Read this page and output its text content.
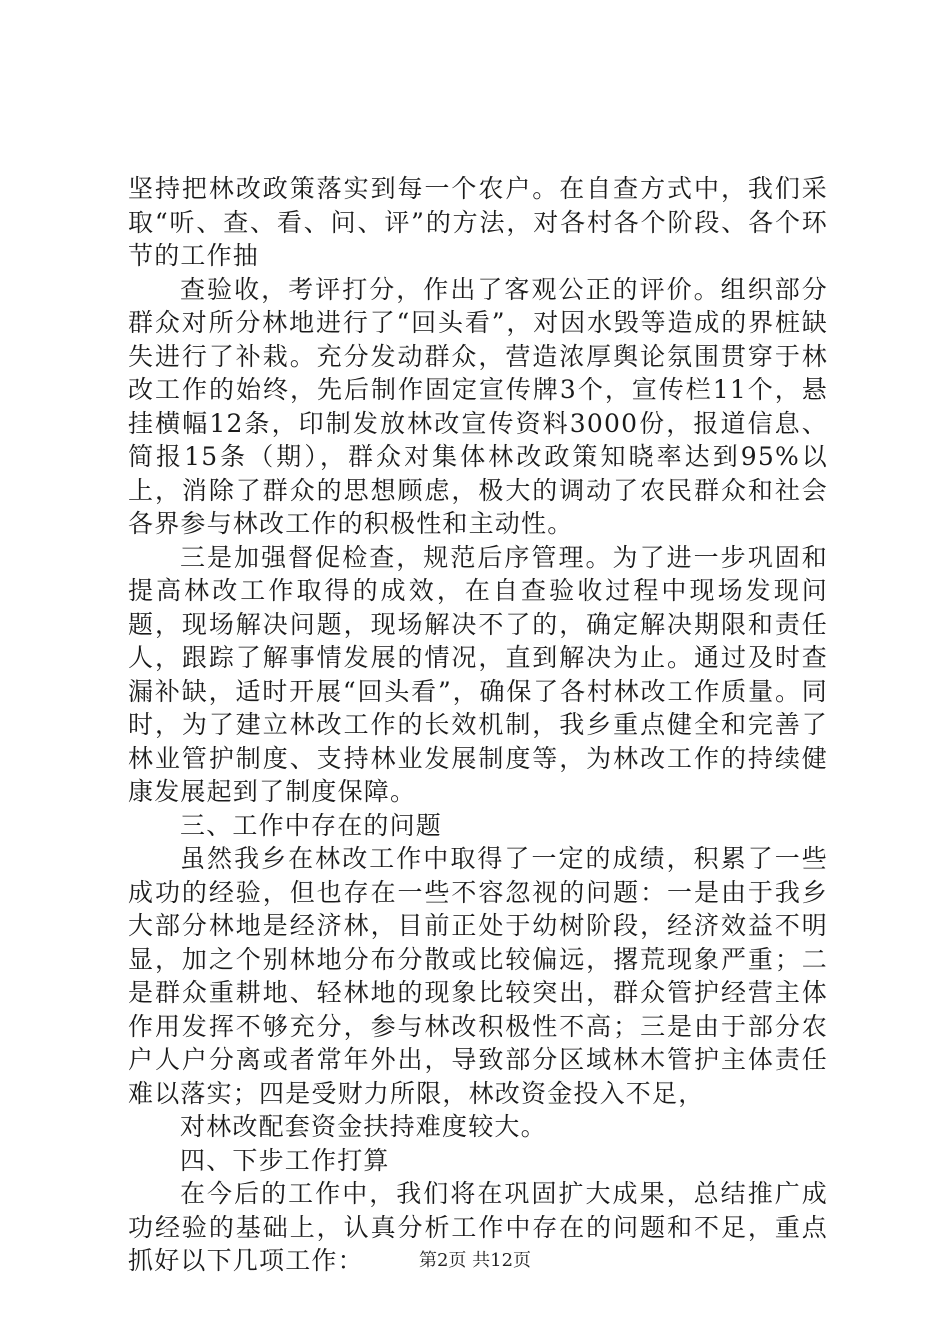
坚持把林改政策落实到每一个农户。在自查方式中，我们采取“听、查、看、问、评”的方法，对各村各个阶段、各个环节的工作抽

查验收，考评打分，作出了客观公正的评价。组织部分群众对所分林地进行了“回头看”，对因水毁等造成的界桩缺失进行了补栽。充分发动群众，营造浓厚舆论氛围贯穿于林改工作的始终，先后制作固定宣传牌3个，宣传栏11个，悬挂横幅12条，印制发放林改宣传资料3000份，报道信息、简报15条（期），群众对集体林改政策知晓率达到95%以上，消除了群众的思想顾虑，极大的调动了农民群众和社会各界参与林改工作的积极性和主动性。

三是加强督促检查，规范后序管理。为了进一步巩固和提高林改工作取得的成效，在自查验收过程中现场发现问题，现场解决问题，现场解决不了的，确定解决期限和责任人，跟踪了解事情发展的情况，直到解决为止。通过及时查漏补缺，适时开展“回头看”，确保了各村林改工作质量。同时，为了建立林改工作的长效机制，我乡重点健全和完善了林业管护制度、支持林业发展制度等，为林改工作的持续健康发展起到了制度保障。

三、工作中存在的问题

虽然我乡在林改工作中取得了一定的成绩，积累了一些成功的经验，但也存在一些不容忽视的问题：一是由于我乡大部分林地是经济林，目前正处于幼树阶段，经济效益不明显，加之个别林地分布分散或比较偏远，撂荒现象严重；二是群众重耕地、轻林地的现象比较突出，群众管护经营主体作用发挥不够充分，参与林改积极性不高；三是由于部分农户人户分离或者常年外出，导致部分区域林木管护主体责任难以落实；四是受财力所限，林改资金投入不足，

对林改配套资金扶持难度较大。

四、下步工作打算

在今后的工作中，我们将在巩固扩大成果，总结推广成功经验的基础上，认真分析工作中存在的问题和不足，重点抓好以下几项工作：	第2页 共12页
